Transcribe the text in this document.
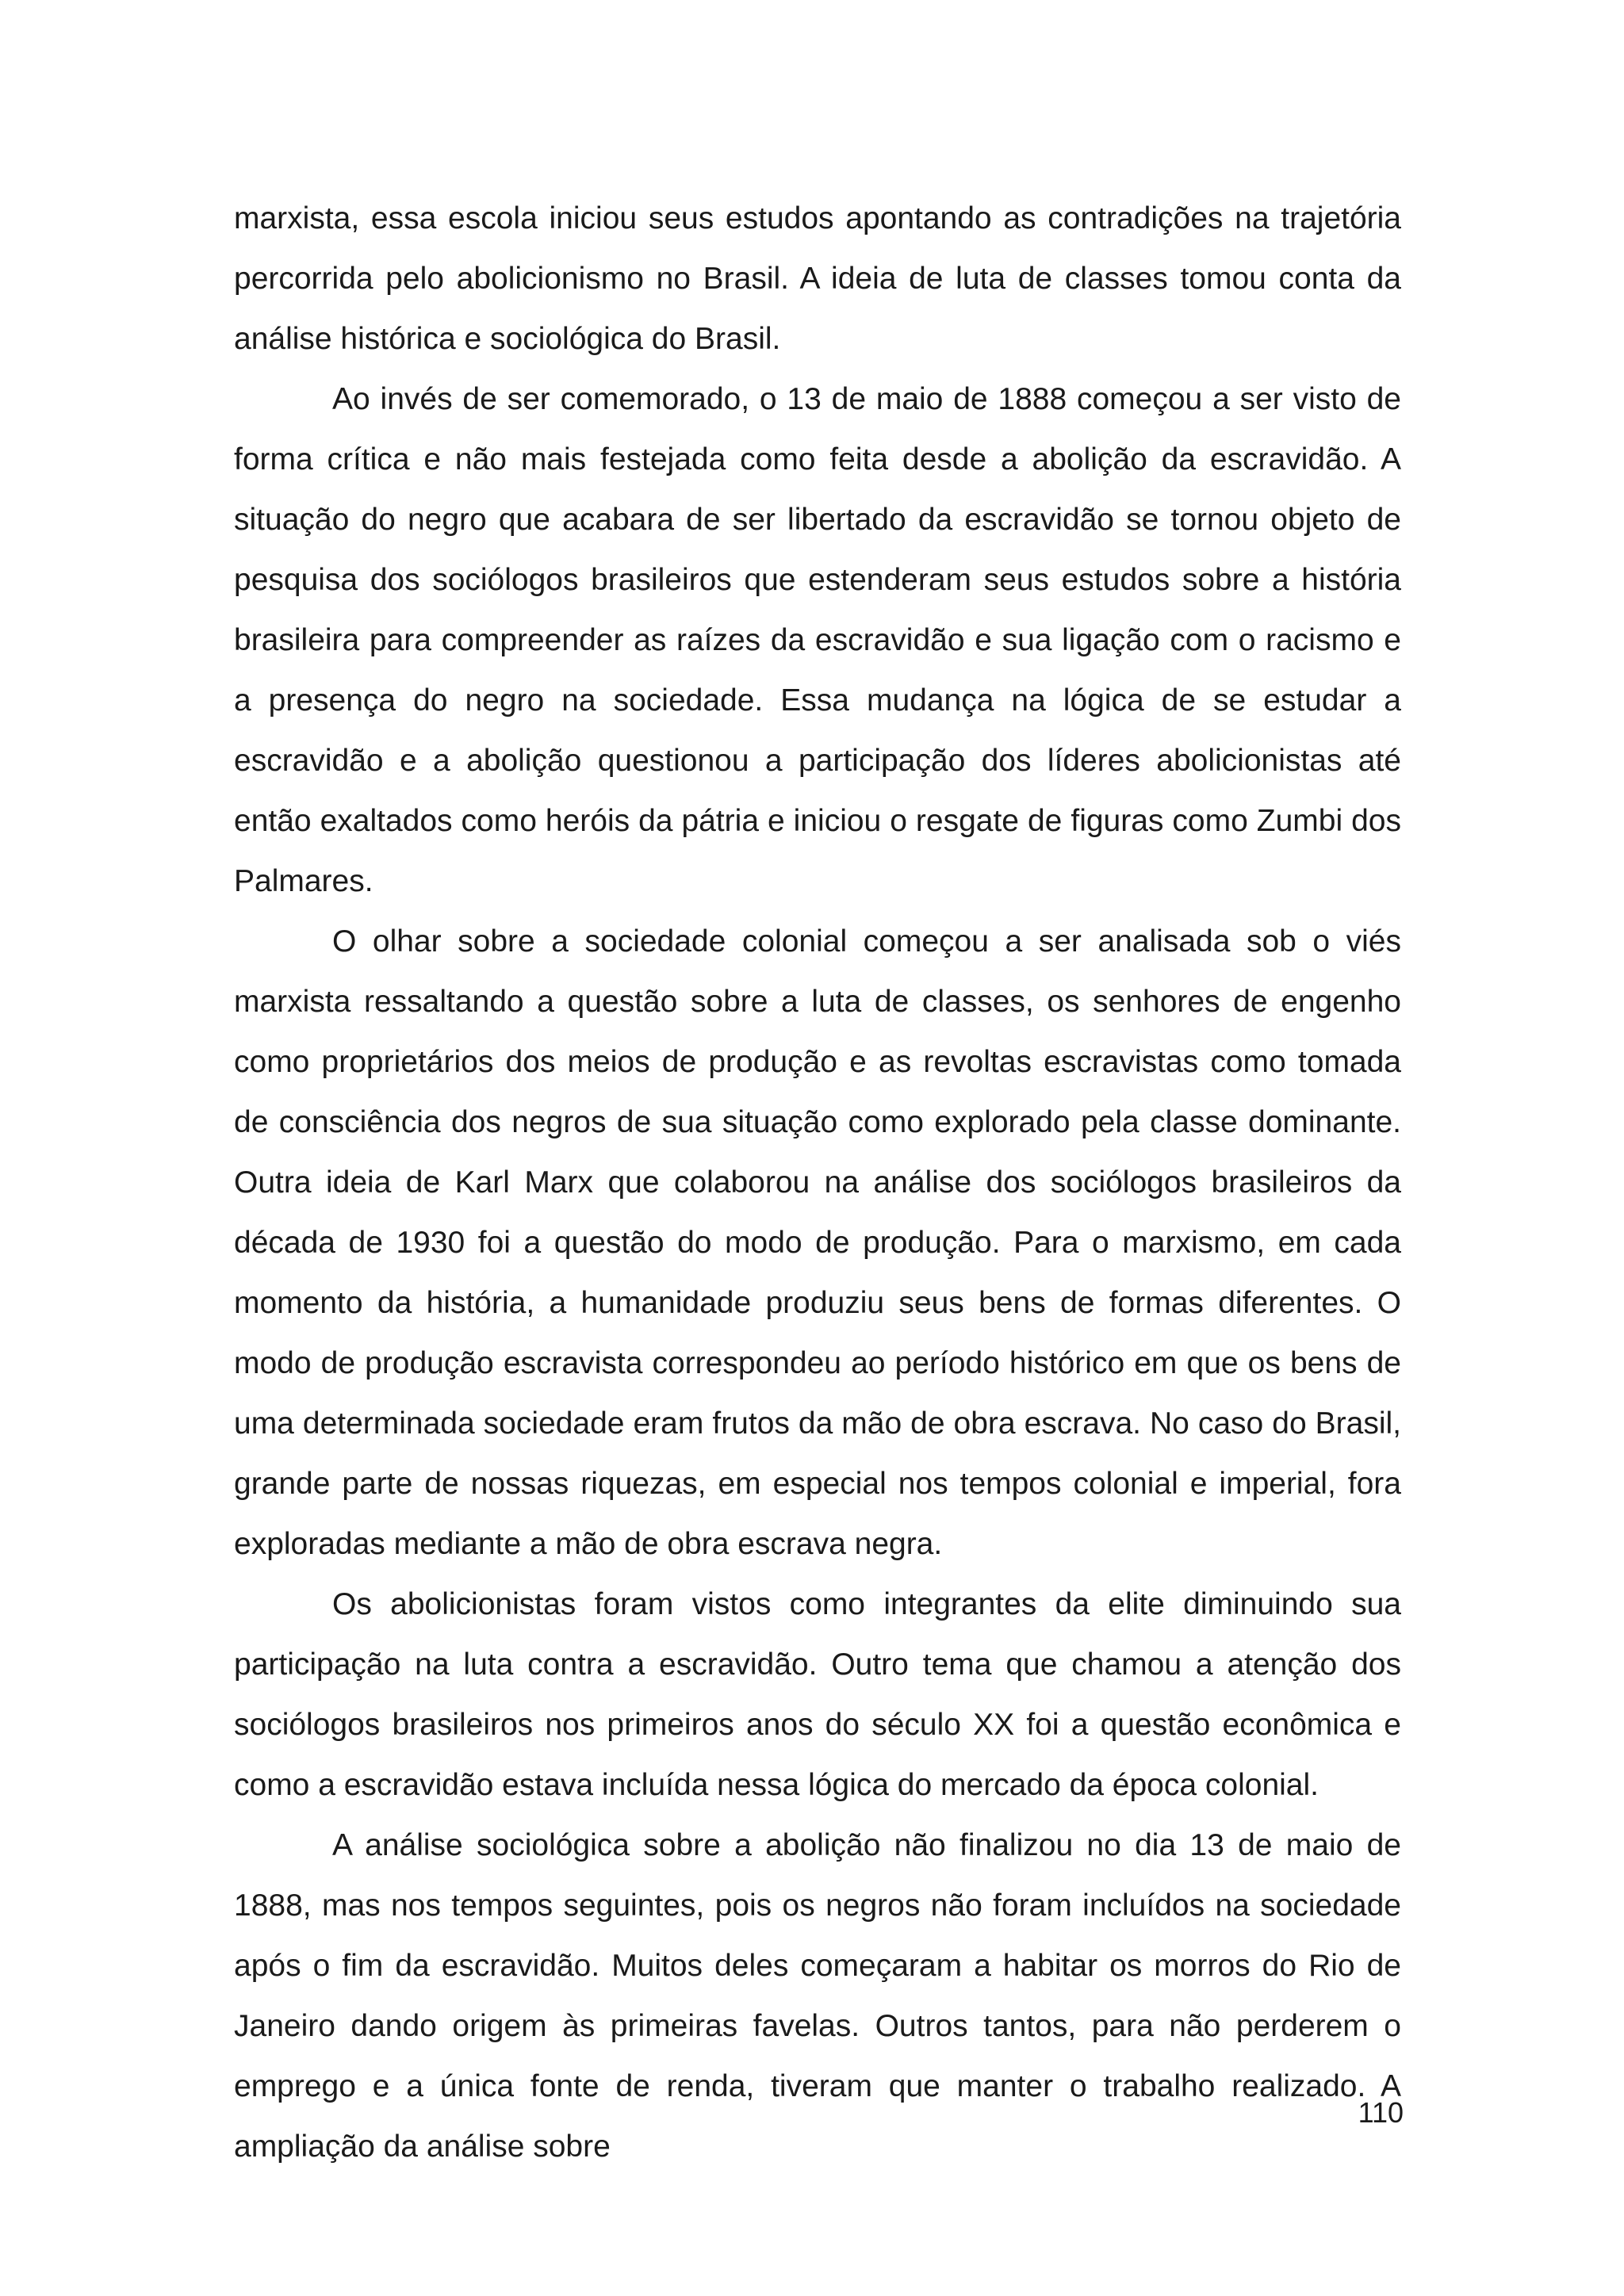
marxista, essa escola iniciou seus estudos apontando as contradições na trajetória percorrida pelo abolicionismo no Brasil. A ideia de luta de classes tomou conta da análise histórica e sociológica do Brasil.

Ao invés de ser comemorado, o 13 de maio de 1888 começou a ser visto de forma crítica e não mais festejada como feita desde a abolição da escravidão. A situação do negro que acabara de ser libertado da escravidão se tornou objeto de pesquisa dos sociólogos brasileiros que estenderam seus estudos sobre a história brasileira para compreender as raízes da escravidão e sua ligação com o racismo e a presença do negro na sociedade. Essa mudança na lógica de se estudar a escravidão e a abolição questionou a participação dos líderes abolicionistas até então exaltados como heróis da pátria e iniciou o resgate de figuras como Zumbi dos Palmares.

O olhar sobre a sociedade colonial começou a ser analisada sob o viés marxista ressaltando a questão sobre a luta de classes, os senhores de engenho como proprietários dos meios de produção e as revoltas escravistas como tomada de consciência dos negros de sua situação como explorado pela classe dominante. Outra ideia de Karl Marx que colaborou na análise dos sociólogos brasileiros da década de 1930 foi a questão do modo de produção. Para o marxismo, em cada momento da história, a humanidade produziu seus bens de formas diferentes. O modo de produção escravista correspondeu ao período histórico em que os bens de uma determinada sociedade eram frutos da mão de obra escrava. No caso do Brasil, grande parte de nossas riquezas, em especial nos tempos colonial e imperial, fora exploradas mediante a mão de obra escrava negra.

Os abolicionistas foram vistos como integrantes da elite diminuindo sua participação na luta contra a escravidão. Outro tema que chamou a atenção dos sociólogos brasileiros nos primeiros anos do século XX foi a questão econômica e como a escravidão estava incluída nessa lógica do mercado da época colonial.

A análise sociológica sobre a abolição não finalizou no dia 13 de maio de 1888, mas nos tempos seguintes, pois os negros não foram incluídos na sociedade após o fim da escravidão. Muitos deles começaram a habitar os morros do Rio de Janeiro dando origem às primeiras favelas. Outros tantos, para não perderem o emprego e a única fonte de renda, tiveram que manter o trabalho realizado. A ampliação da análise sobre

110
